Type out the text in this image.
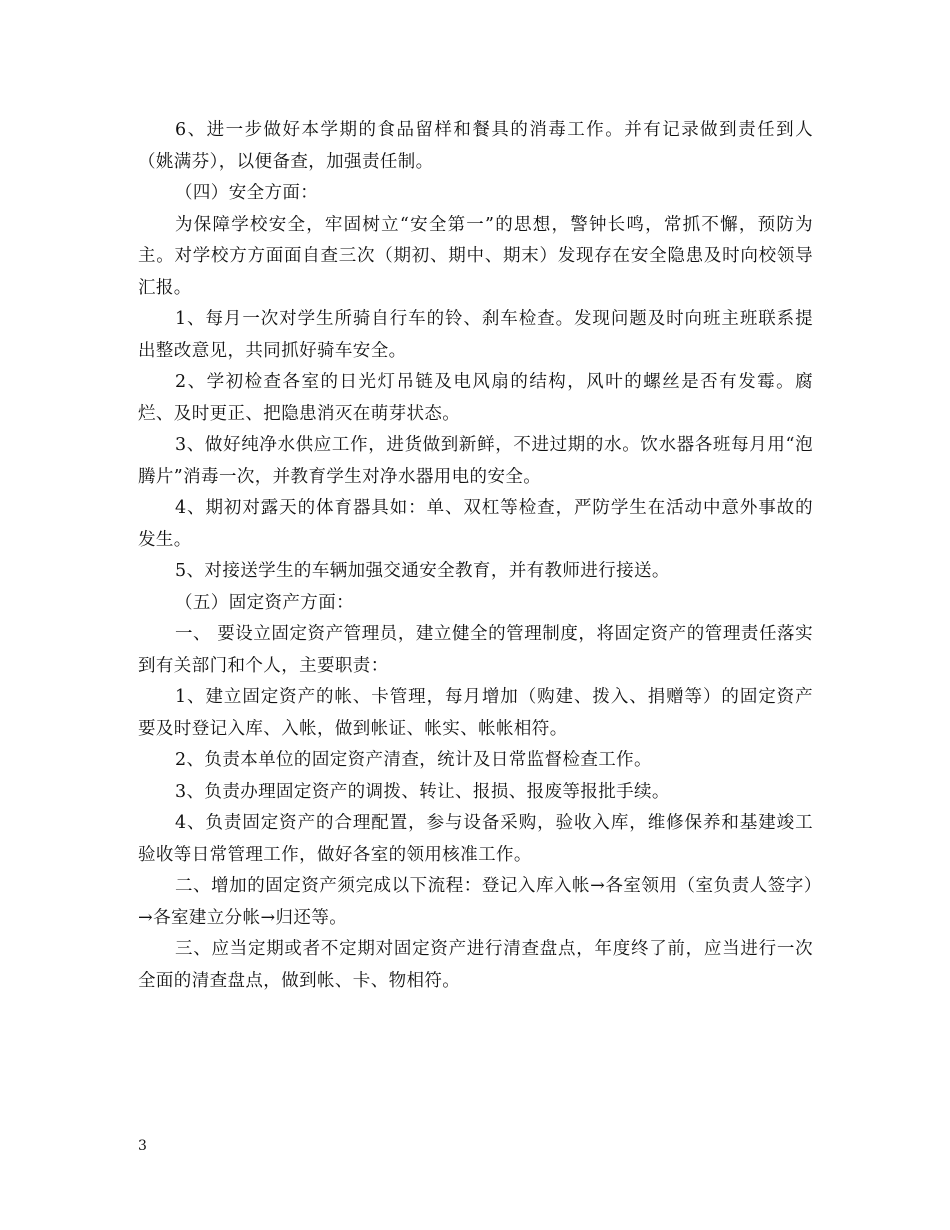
6、进一步做好本学期的食品留样和餐具的消毒工作。并有记录做到责任到人（姚满芬），以便备查，加强责任制。

（四）安全方面：

为保障学校安全，牢固树立“安全第一”的思想，警钟长鸣，常抓不懈，预防为主。对学校方方面面自查三次（期初、期中、期末）发现存在安全隐患及时向校领导汇报。

1、每月一次对学生所骑自行车的铃、刹车检查。发现问题及时向班主班联系提出整改意见，共同抓好骑车安全。

2、学初检查各室的日光灯吊链及电风扇的结构，风叶的螺丝是否有发霉。腐烂、及时更正、把隐患消灭在萌芽状态。

3、做好纯净水供应工作，进货做到新鲜，不进过期的水。饮水器各班每月用“泡腾片”消毒一次，并教育学生对净水器用电的安全。

4、期初对露天的体育器具如：单、双杠等检查，严防学生在活动中意外事故的发生。

5、对接送学生的车辆加强交通安全教育，并有教师进行接送。

（五）固定资产方面：

一、 要设立固定资产管理员，建立健全的管理制度，将固定资产的管理责任落实到有关部门和个人，主要职责：

1、建立固定资产的帐、卡管理，每月增加（购建、拨入、捐赠等）的固定资产要及时登记入库、入帐，做到帐证、帐实、帐帐相符。

2、负责本单位的固定资产清查，统计及日常监督检查工作。

3、负责办理固定资产的调拨、转让、报损、报废等报批手续。

4、负责固定资产的合理配置，参与设备采购，验收入库，维修保养和基建竣工验收等日常管理工作，做好各室的领用核准工作。

二、增加的固定资产须完成以下流程：登记入库入帐→各室领用（室负责人签字）→各室建立分帐→归还等。

三、应当定期或者不定期对固定资产进行清查盘点，年度终了前，应当进行一次全面的清查盘点，做到帐、卡、物相符。

3
